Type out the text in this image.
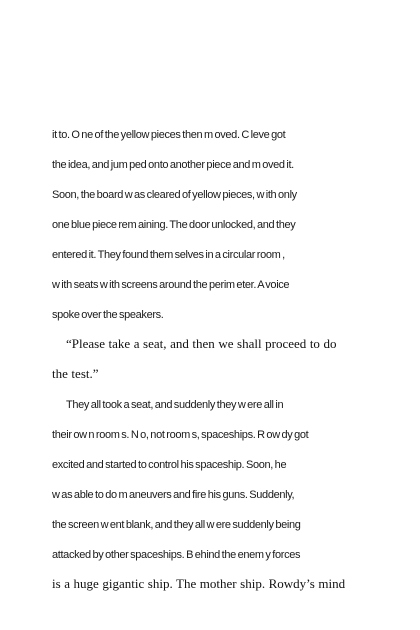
it to. O ne of the yellow pieces then m oved. C leve got
the idea, and jum ped onto another piece and m oved it.
Soon, the board w as cleared of yellow pieces, w ith only
one blue piece rem aining. The door unlocked, and they
entered it. They found them selves in a circular room ,
w ith seats w ith screens around the perim eter. A voice
spoke over the speakers.
“Please take a seat, and then we shall proceed to do
the test.”
They all took a seat, and suddenly they w ere all in
their ow n room s. N o, not room s, spaceships. R ow dy got
excited and started to control his spaceship. Soon, he
w as able to do m aneuvers and fire his guns. Suddenly,
the screen w ent blank, and they all w ere suddenly being
attacked by other spaceships. B ehind the enem y forces
is a huge gigantic ship. The mother ship. Rowdy’s mind
